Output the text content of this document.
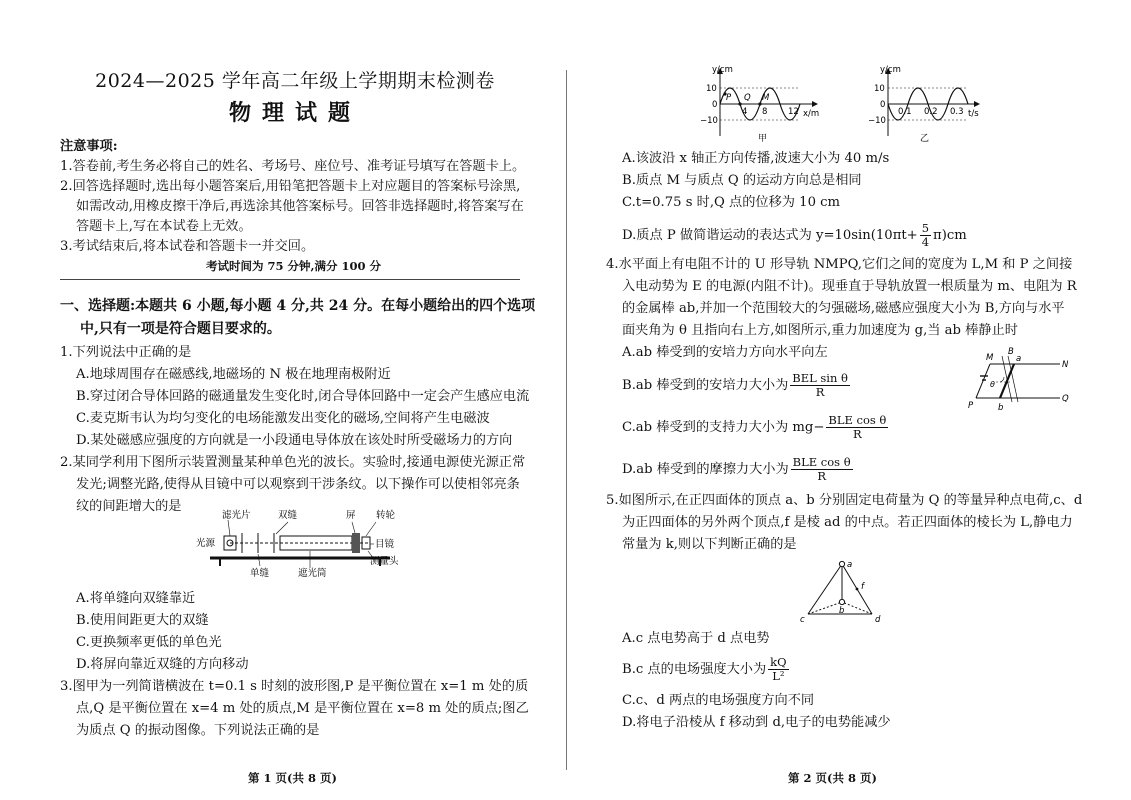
2024—2025 学年高二年级上学期期末检测卷
物理试题
注意事项:
1.答卷前,考生务必将自己的姓名、考场号、座位号、准考证号填写在答题卡上。
2.回答选择题时,选出每小题答案后,用铅笔把答题卡上对应题目的答案标号涂黑,
如需改动,用橡皮擦干净后,再选涂其他答案标号。回答非选择题时,将答案写在
答题卡上,写在本试卷上无效。
3.考试结束后,将本试卷和答题卡一并交回。
考试时间为 75 分钟,满分 100 分
一、选择题:本题共 6 小题,每小题 4 分,共 24 分。在每小题给出的四个选项
中,只有一项是符合题目要求的。
1.下列说法中正确的是
A.地球周围存在磁感线,地磁场的 N 极在地理南极附近
B.穿过闭合导体回路的磁通量发生变化时,闭合导体回路中一定会产生感应电流
C.麦克斯韦认为均匀变化的电场能激发出变化的磁场,空间将产生电磁波
D.某处磁感应强度的方向就是一小段通电导体放在该处时所受磁场力的方向
2.某同学利用下图所示装置测量某种单色光的波长。实验时,接通电源使光源正常
发光;调整光路,使得从目镜中可以观察到干涉条纹。以下操作可以使相邻亮条
纹的间距增大的是
滤光片	双缝	屏 转轮
光源	目镜
测量头
单缝	遮光筒
A.将单缝向双缝靠近
B.使用间距更大的双缝
C.更换频率更低的单色光
D.将屏向靠近双缝的方向移动
3.图甲为一列简谐横波在 t=0.1 s 时刻的波形图,P 是平衡位置在 x=1 m 处的质
点,Q 是平衡位置在 x=4 m 处的质点,M 是平衡位置在 x=8 m 处的质点;图乙
为质点 Q 的振动图像。下列说法正确的是
第 1 页(共 8 页)
y/cm
x/m
10
0
−10
4 8 12
P Q M
甲
y/cm
t/s
10
0
−10
0.1 0.2 0.3
乙
A.该波沿 x 轴正方向传播,波速大小为 40 m/s
B.质点 M 与质点 Q 的运动方向总是相同
C.t=0.75 s 时,Q 点的位移为 10 cm
D.质点 P 做简谐运动的表达式为 $y=10\sin(10\pi t+ \frac{5}{4} \pi)cm$
4.水平面上有电阻不计的 U 形导轨 NMPQ,它们之间的宽度为 L,M 和 P 之间接
入电动势为 E 的电源(内阻不计)。现垂直于导轨放置一根质量为 m、电阻为 R
的金属棒 ab,并加一个范围较大的匀强磁场,磁感应强度大小为 B,方向与水平
面夹角为 θ 且指向右上方,如图所示,重力加速度为 g,当 ab 棒静止时
A.ab 棒受到的安培力方向水平向左
B.ab 棒受到的安培力大小为 $\frac{\text{BEL sin θ}}{R}$
C.ab 棒受到的支持力大小为 $mg- \frac{\text{BLE cos θ}}{R}$
D.ab 棒受到的摩擦力大小为 $\frac{\text{BLE cos θ}}{R}$
M
B
a
N
θ
P	b
Q
5.如图所示,在正四面体的顶点 a、b 分别固定电荷量为 Q 的等量异种点电荷,c、d
为正四面体的另外两个顶点,f 是棱 ad 的中点。若正四面体的棱长为 L,静电力
常量为 k,则以下判断正确的是
a
b
c	d
f
A.c 点电势高于 d 点电势
B.c 点的电场强度大小为 $\frac{kQ}{\text{L²}}$
C.c、d 两点的电场强度方向不同
D.将电子沿棱从 f 移动到 d,电子的电势能减少
第 2 页(共 8 页)
